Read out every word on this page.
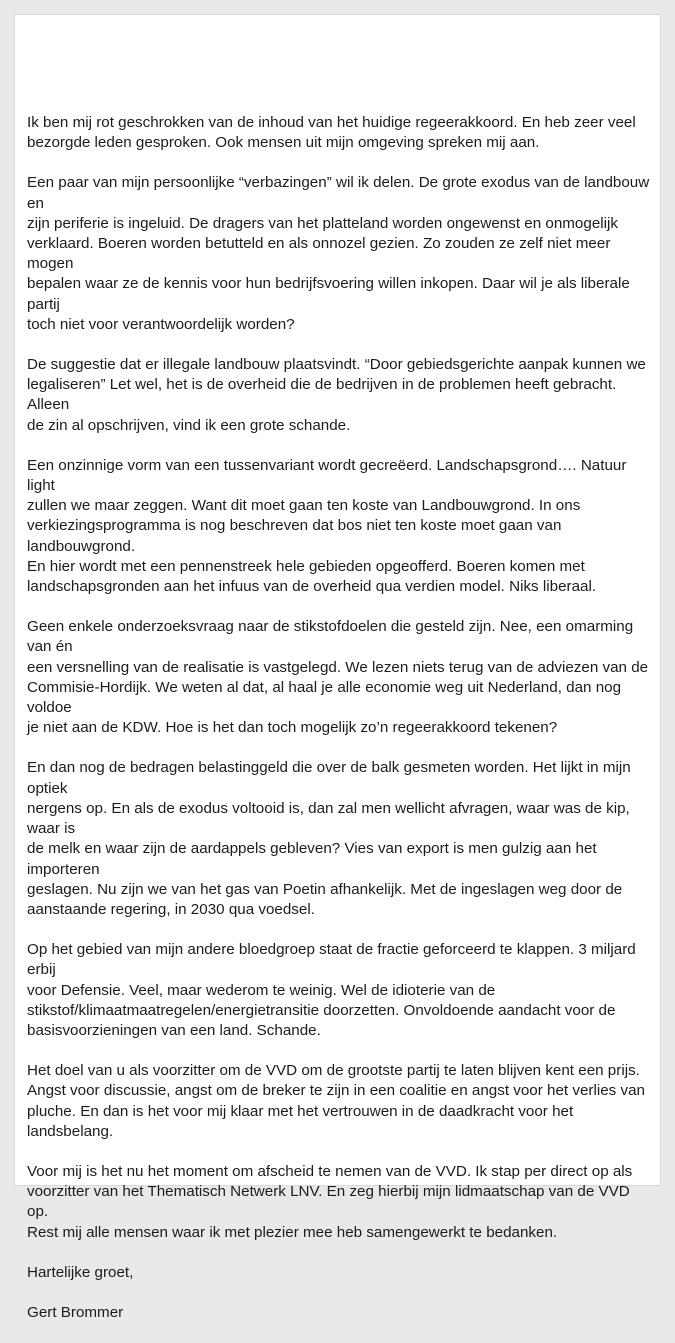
Ik ben mij rot geschrokken van de inhoud van het huidige regeerakkoord. En heb zeer veel
bezorgde leden gesproken. Ook mensen uit mijn omgeving spreken mij aan.

Een paar van mijn persoonlijke “verbazingen” wil ik delen. De grote exodus van de landbouw en
zijn periferie is ingeluid. De dragers van het platteland worden ongewenst en onmogelijk
verklaard. Boeren worden betutteld en als onnozel gezien. Zo zouden ze zelf niet meer mogen
bepalen waar ze de kennis voor hun bedrijfsvoering willen inkopen. Daar wil je als liberale partij
toch niet voor verantwoordelijk worden?

De suggestie dat er illegale landbouw plaatsvindt. “Door gebiedsgerichte aanpak kunnen we
legaliseren” Let wel, het is de overheid die de bedrijven in de problemen heeft gebracht. Alleen
de zin al opschrijven, vind ik een grote schande.

Een onzinnige vorm van een tussenvariant wordt gecreëerd. Landschapsgrond…. Natuur light
zullen we maar zeggen. Want dit moet gaan ten koste van Landbouwgrond. In ons
verkiezingsprogramma is nog beschreven dat bos niet ten koste moet gaan van landbouwgrond.
En hier wordt met een pennenstreek hele gebieden opgeofferd. Boeren komen met
landschapsgronden aan het infuus van de overheid qua verdien model. Niks liberaal.

Geen enkele onderzoeksvraag naar de stikstofdoelen die gesteld zijn. Nee, een omarming van én
een versnelling van de realisatie is vastgelegd. We lezen niets terug van de adviezen van de
Commisie-Hordijk. We weten al dat, al haal je alle economie weg uit Nederland, dan nog voldoe
je niet aan de KDW. Hoe is het dan toch mogelijk zo’n regeerakkoord tekenen?

En dan nog de bedragen belastinggeld die over de balk gesmeten worden. Het lijkt in mijn optiek
nergens op. En als de exodus voltooid is, dan zal men wellicht afvragen, waar was de kip, waar is
de melk en waar zijn de aardappels gebleven? Vies van export is men gulzig aan het importeren
geslagen. Nu zijn we van het gas van Poetin afhankelijk. Met de ingeslagen weg door de
aanstaande regering, in 2030 qua voedsel.

Op het gebied van mijn andere bloedgroep staat de fractie geforceerd te klappen. 3 miljard erbij
voor Defensie. Veel, maar wederom te weinig. Wel de idioterie van de
stikstof/klimaatmaatregelen/energietransitie doorzetten. Onvoldoende aandacht voor de
basisvoorzieningen van een land. Schande.

Het doel van u als voorzitter om de VVD om de grootste partij te laten blijven kent een prijs.
Angst voor discussie, angst om de breker te zijn in een coalitie en angst voor het verlies van
pluche. En dan is het voor mij klaar met het vertrouwen in de daadkracht voor het landsbelang.

Voor mij is het nu het moment om afscheid te nemen van de VVD. Ik stap per direct op als
voorzitter van het Thematisch Netwerk LNV. En zeg hierbij mijn lidmaatschap van de VVD op.
Rest mij alle mensen waar ik met plezier mee heb samengewerkt te bedanken.

Hartelijke groet,

Gert Brommer
